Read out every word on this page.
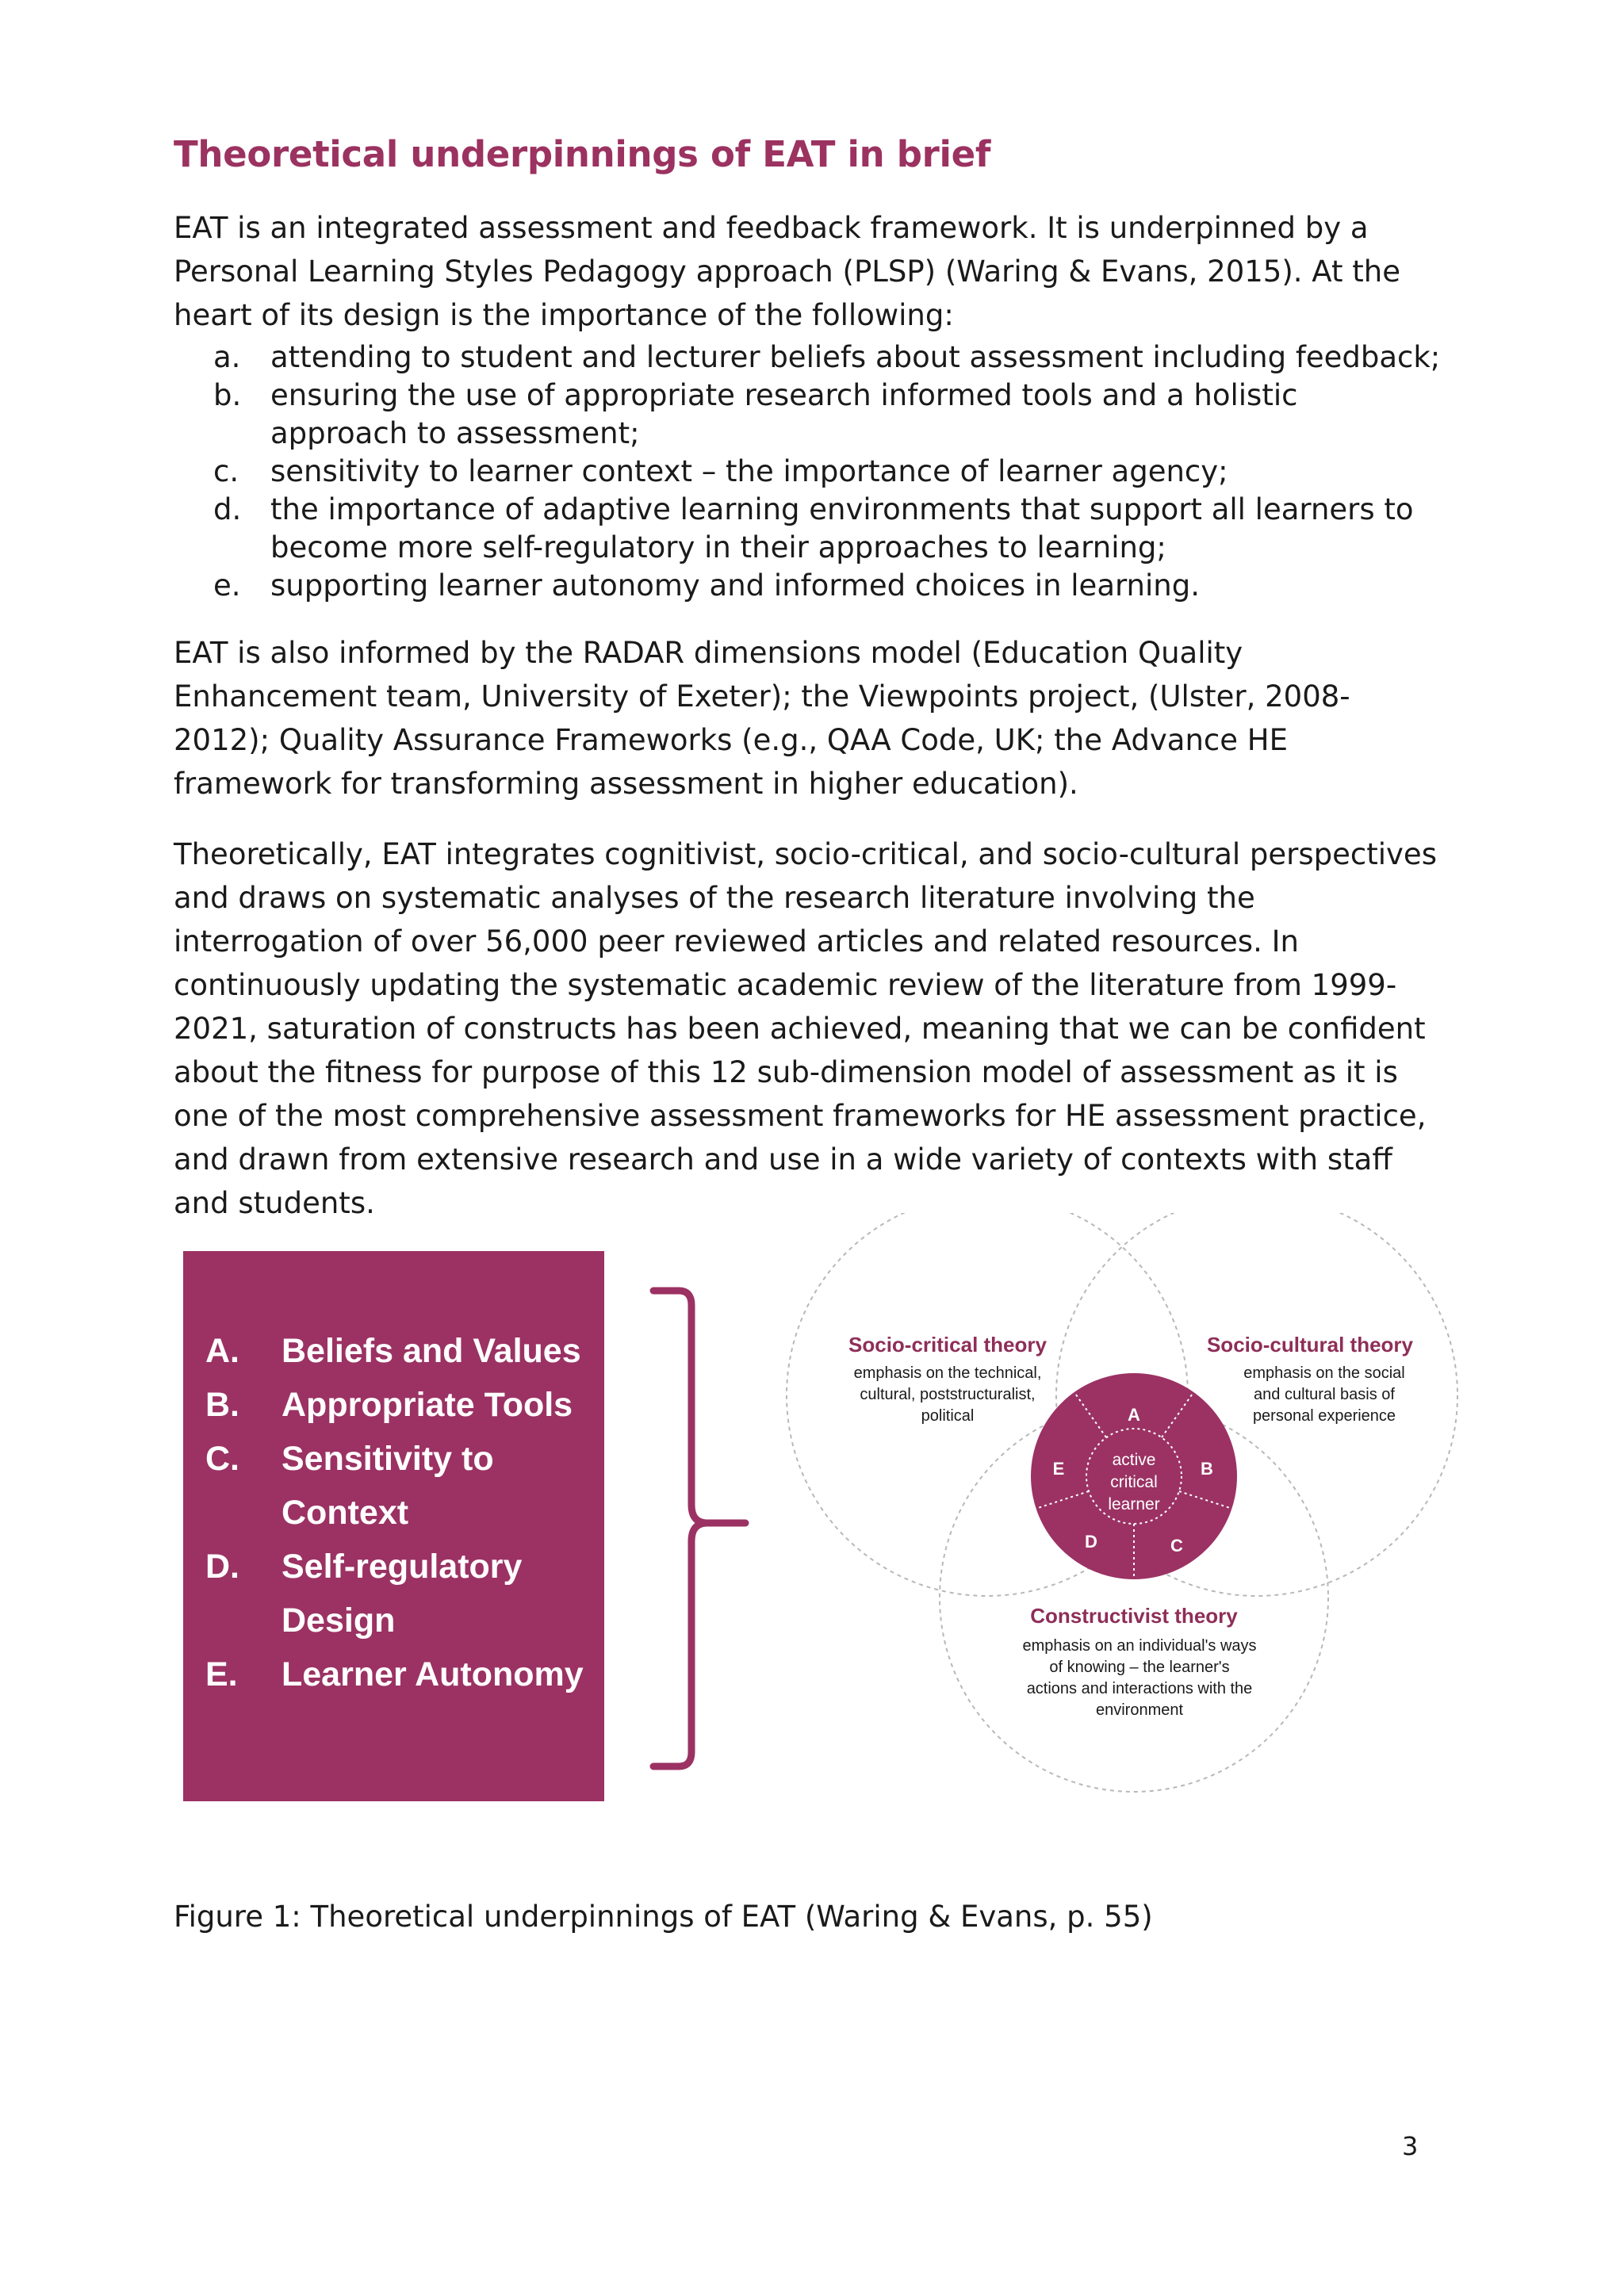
Theoretical underpinnings of EAT in brief

EAT is an integrated assessment and feedback framework. It is underpinned by a Personal Learning Styles Pedagogy approach (PLSP) (Waring & Evans, 2015). At the heart of its design is the importance of the following:

a. attending to student and lecturer beliefs about assessment including feedback;
b. ensuring the use of appropriate research informed tools and a holistic approach to assessment;
c. sensitivity to learner context – the importance of learner agency;
d. the importance of adaptive learning environments that support all learners to become more self-regulatory in their approaches to learning;
e. supporting learner autonomy and informed choices in learning.

EAT is also informed by the RADAR dimensions model (Education Quality Enhancement team, University of Exeter); the Viewpoints project, (Ulster, 2008-2012); Quality Assurance Frameworks (e.g., QAA Code, UK; the Advance HE framework for transforming assessment in higher education).

Theoretically, EAT integrates cognitivist, socio-critical, and socio-cultural perspectives and draws on systematic analyses of the research literature involving the interrogation of over 56,000 peer reviewed articles and related resources. In continuously updating the systematic academic review of the literature from 1999-2021, saturation of constructs has been achieved, meaning that we can be confident about the fitness for purpose of this 12 sub-dimension model of assessment as it is one of the most comprehensive assessment frameworks for HE assessment practice, and drawn from extensive research and use in a wide variety of contexts with staff and students.

A. Beliefs and Values
B. Appropriate Tools
C. Sensitivity to
Context
D. Self-regulatory
Design
E. Learner Autonomy
Socio-critical theory
emphasis on the technical,
cultural, poststructuralist,
political
Socio-cultural theory
emphasis on the social
and cultural basis of
personal experience
Constructivist theory
emphasis on an individual's ways
of knowing – the learner's
actions and interactions with the
environment
active
critical
learner
A
B
C
D
E

Figure 1: Theoretical underpinnings of EAT (Waring & Evans, p. 55)

3
